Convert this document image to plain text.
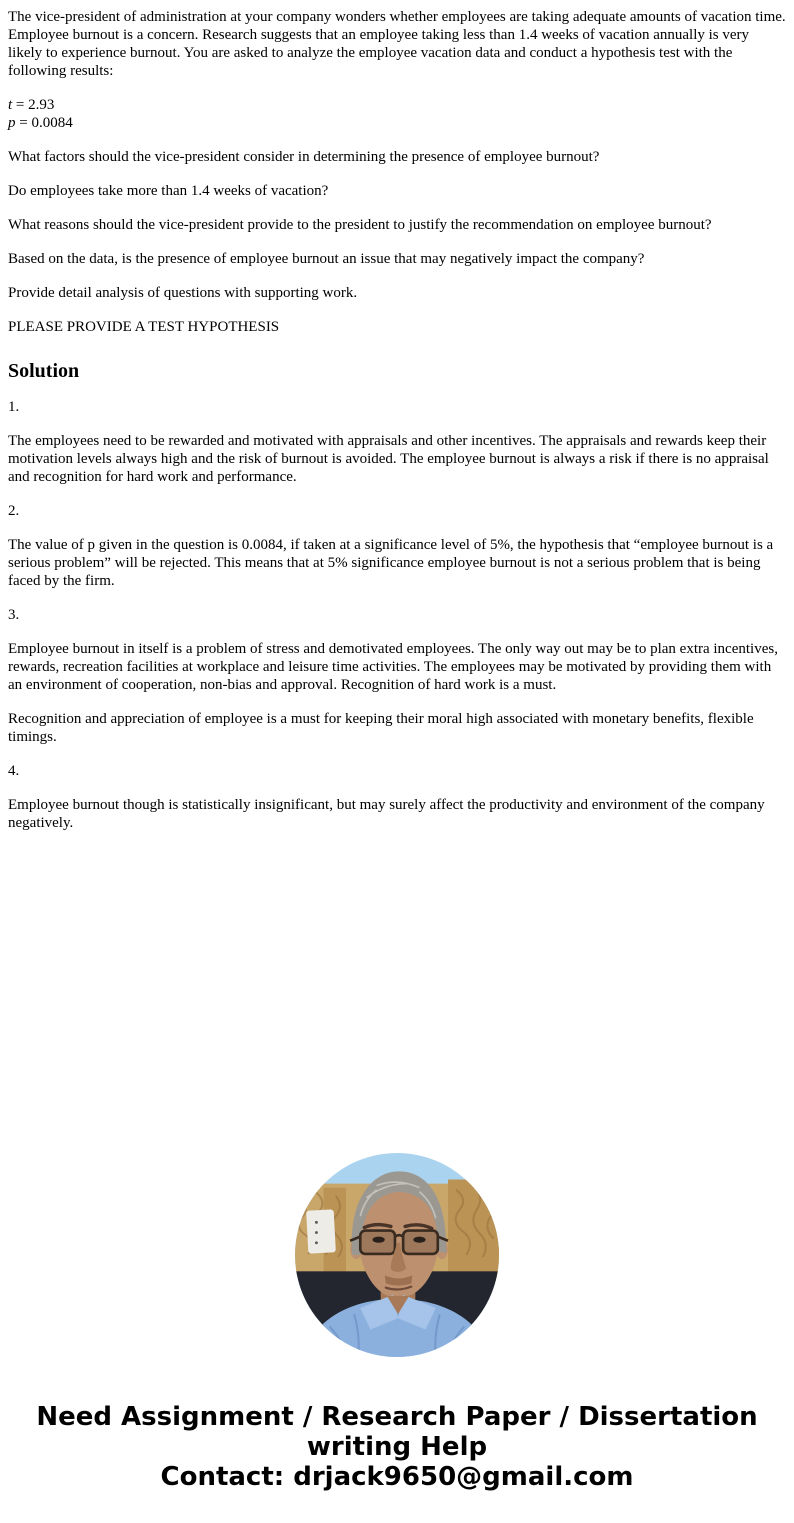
The vice-president of administration at your company wonders whether employees are taking adequate amounts of vacation time. Employee burnout is a concern. Research suggests that an employee taking less than 1.4 weeks of vacation annually is very likely to experience burnout. You are asked to analyze the employee vacation data and conduct a hypothesis test with the following results:

t = 2.93
p = 0.0084

What factors should the vice-president consider in determining the presence of employee burnout?

Do employees take more than 1.4 weeks of vacation?

What reasons should the vice-president provide to the president to justify the recommendation on employee burnout?

Based on the data, is the presence of employee burnout an issue that may negatively impact the company?

Provide detail analysis of questions with supporting work.

PLEASE PROVIDE A TEST HYPOTHESIS

Solution

1.

The employees need to be rewarded and motivated with appraisals and other incentives. The appraisals and rewards keep their motivation levels always high and the risk of burnout is avoided. The employee burnout is always a risk if there is no appraisal and recognition for hard work and performance.

2.

The value of p given in the question is 0.0084, if taken at a significance level of 5%, the hypothesis that “employee burnout is a serious problem” will be rejected. This means that at 5% significance employee burnout is not a serious problem that is being faced by the firm.

3.

Employee burnout in itself is a problem of stress and demotivated employees. The only way out may be to plan extra incentives, rewards, recreation facilities at workplace and leisure time activities. The employees may be motivated by providing them with an environment of cooperation, non-bias and approval. Recognition of hard work is a must.

Recognition and appreciation of employee is a must for keeping their moral high associated with monetary benefits, flexible timings.

4.

Employee burnout though is statistically insignificant, but may surely affect the productivity and environment of the company negatively.

Need Assignment / Research Paper / Dissertation
writing Help
Contact: drjack9650@gmail.com
